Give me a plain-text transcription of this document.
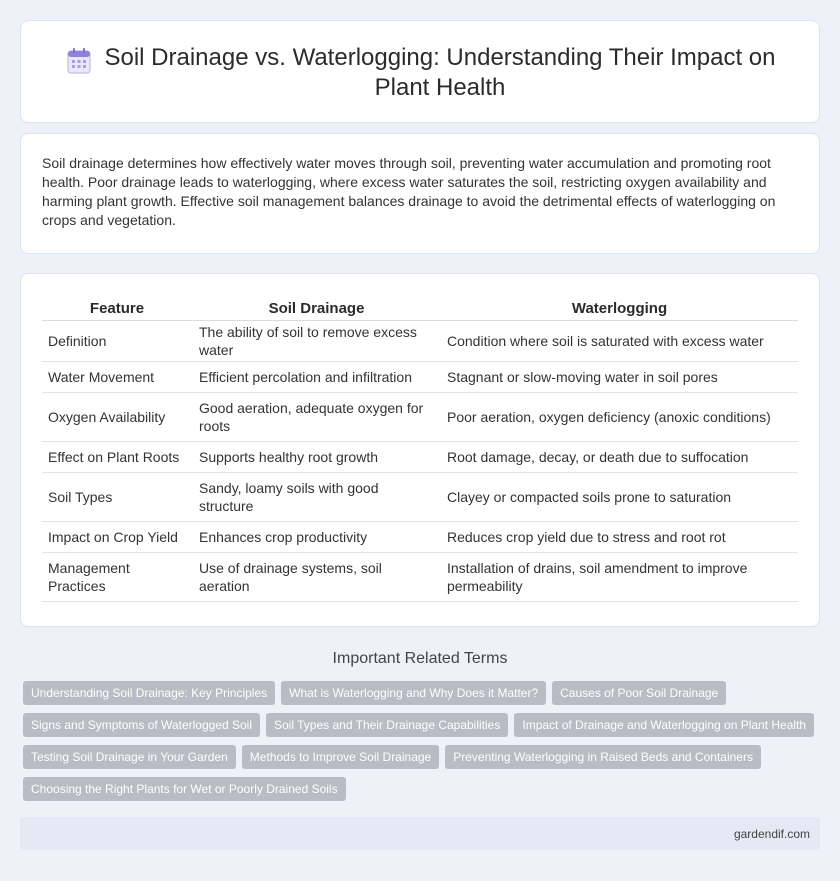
Soil Drainage vs. Waterlogging: Understanding Their Impact on Plant Health

Soil drainage determines how effectively water moves through soil, preventing water accumulation and promoting root health. Poor drainage leads to waterlogging, where excess water saturates the soil, restricting oxygen availability and harming plant growth. Effective soil management balances drainage to avoid the detrimental effects of waterlogging on crops and vegetation.

Feature	Soil Drainage	Waterlogging
Definition	The ability of soil to remove excess water	Condition where soil is saturated with excess water
Water Movement	Efficient percolation and infiltration	Stagnant or slow-moving water in soil pores
Oxygen Availability	Good aeration, adequate oxygen for roots	Poor aeration, oxygen deficiency (anoxic conditions)
Effect on Plant Roots	Supports healthy root growth	Root damage, decay, or death due to suffocation
Soil Types	Sandy, loamy soils with good structure	Clayey or compacted soils prone to saturation
Impact on Crop Yield	Enhances crop productivity	Reduces crop yield due to stress and root rot
Management Practices	Use of drainage systems, soil aeration	Installation of drains, soil amendment to improve permeability
Important Related Terms
Understanding Soil Drainage: Key Principles What is Waterlogging and Why Does it Matter? Causes of Poor Soil Drainage
Signs and Symptoms of Waterlogged Soil Soil Types and Their Drainage Capabilities Impact of Drainage and Waterlogging on Plant Health
Testing Soil Drainage in Your Garden Methods to Improve Soil Drainage Preventing Waterlogging in Raised Beds and Containers
Choosing the Right Plants for Wet or Poorly Drained Soils
gardendif.com
